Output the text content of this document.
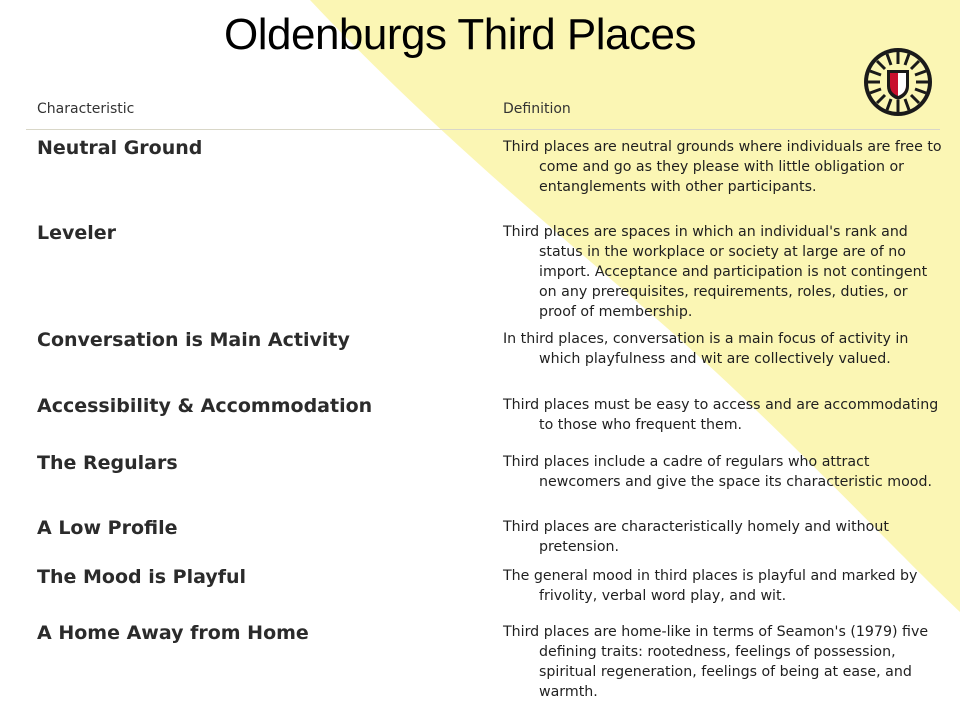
Oldenburgs Third Places
Characteristic	Definition
Neutral Ground	Third places are neutral grounds where individuals are free to come and go as they please with little obligation or entanglements with other participants.

Leveler	Third places are spaces in which an individual's rank and status in the workplace or society at large are of no import. Acceptance and participation is not contingent on any prerequisites, requirements, roles, duties, or proof of membership.

Conversation is Main Activity	In third places, conversation is a main focus of activity in which playfulness and wit are collectively valued.

Accessibility & Accommodation	Third places must be easy to access and are accommodating to those who frequent them.

The Regulars	Third places include a cadre of regulars who attract newcomers and give the space its characteristic mood.

A Low Profile	Third places are characteristically homely and without pretension.

The Mood is Playful	The general mood in third places is playful and marked by frivolity, verbal word play, and wit.

A Home Away from Home	Third places are home-like in terms of Seamon's (1979) five defining traits: rootedness, feelings of possession, spiritual regeneration, feelings of being at ease, and warmth.
